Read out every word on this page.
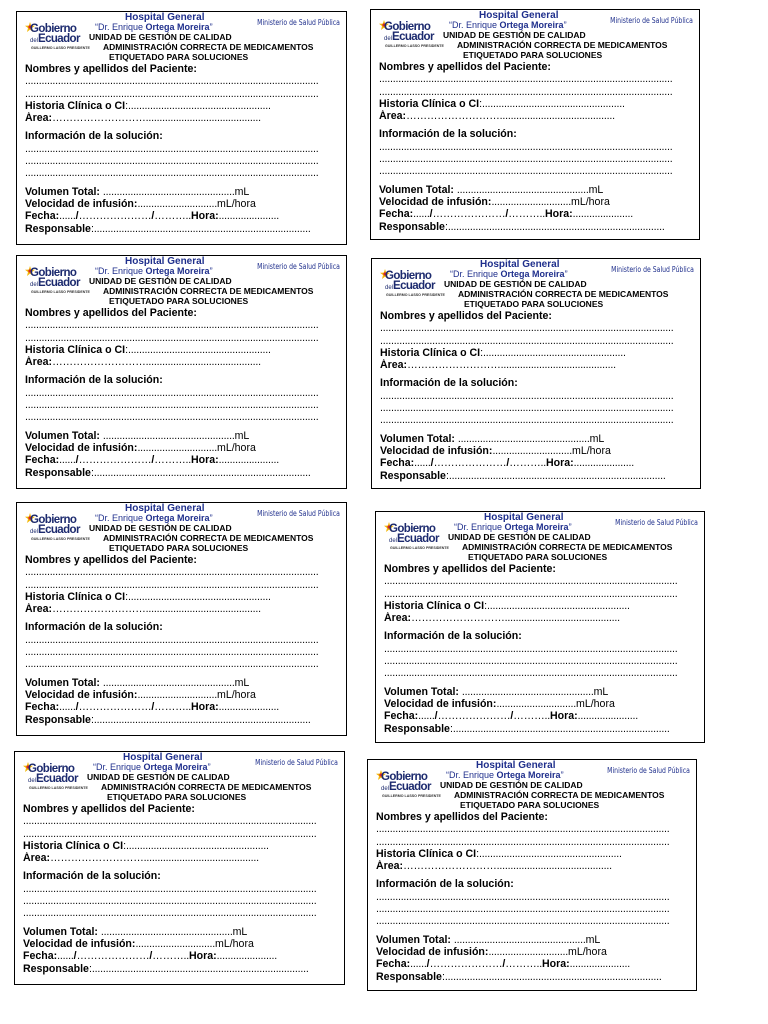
Gobierno
delEcuador
GUILLERMO LASSO PRESIDENTE
Hospital General
“Dr. Enrique Ortega Moreira”	Ministerio de Salud Pública
UNIDAD DE GESTIÓN DE CALIDAD
ADMINISTRACIÓN CORRECTA DE MEDICAMENTOS
ETIQUETADO PARA SOLUCIONES
Nombres y apellidos del Paciente:
...........................................................................................................
...........................................................................................................
Historia Clínica o CI:....................................................
Área:………………………..........................................
Información de la solución:
...........................................................................................................
...........................................................................................................
...........................................................................................................
Volumen Total: ................................................mL
Velocidad de infusión:.............................mL/hora
Fecha:....../…………………/………..Hora:......................
Responsable:...............................................................................
Gobierno
delEcuador
GUILLERMO LASSO PRESIDENTE
Hospital General
“Dr. Enrique Ortega Moreira”	Ministerio de Salud Pública
UNIDAD DE GESTIÓN DE CALIDAD
ADMINISTRACIÓN CORRECTA DE MEDICAMENTOS
ETIQUETADO PARA SOLUCIONES
Nombres y apellidos del Paciente:
...........................................................................................................
...........................................................................................................
Historia Clínica o CI:....................................................
Área:………………………..........................................
Información de la solución:
...........................................................................................................
...........................................................................................................
...........................................................................................................
Volumen Total: ................................................mL
Velocidad de infusión:.............................mL/hora
Fecha:....../…………………/………..Hora:......................
Responsable:...............................................................................
Gobierno
delEcuador
GUILLERMO LASSO PRESIDENTE
Hospital General
“Dr. Enrique Ortega Moreira”	Ministerio de Salud Pública
UNIDAD DE GESTIÓN DE CALIDAD
ADMINISTRACIÓN CORRECTA DE MEDICAMENTOS
ETIQUETADO PARA SOLUCIONES
Nombres y apellidos del Paciente:
...........................................................................................................
...........................................................................................................
Historia Clínica o CI:....................................................
Área:………………………..........................................
Información de la solución:
...........................................................................................................
...........................................................................................................
...........................................................................................................
Volumen Total: ................................................mL
Velocidad de infusión:.............................mL/hora
Fecha:....../…………………/………..Hora:......................
Responsable:...............................................................................
Gobierno
delEcuador
GUILLERMO LASSO PRESIDENTE
Hospital General
“Dr. Enrique Ortega Moreira”	Ministerio de Salud Pública
UNIDAD DE GESTIÓN DE CALIDAD
ADMINISTRACIÓN CORRECTA DE MEDICAMENTOS
ETIQUETADO PARA SOLUCIONES
Nombres y apellidos del Paciente:
...........................................................................................................
...........................................................................................................
Historia Clínica o CI:....................................................
Área:………………………..........................................
Información de la solución:
...........................................................................................................
...........................................................................................................
...........................................................................................................
Volumen Total: ................................................mL
Velocidad de infusión:.............................mL/hora
Fecha:....../…………………/………..Hora:......................
Responsable:...............................................................................
Gobierno
delEcuador
GUILLERMO LASSO PRESIDENTE
Hospital General
“Dr. Enrique Ortega Moreira”	Ministerio de Salud Pública
UNIDAD DE GESTIÓN DE CALIDAD
ADMINISTRACIÓN CORRECTA DE MEDICAMENTOS
ETIQUETADO PARA SOLUCIONES
Nombres y apellidos del Paciente:
...........................................................................................................
...........................................................................................................
Historia Clínica o CI:....................................................
Área:………………………..........................................
Información de la solución:
...........................................................................................................
...........................................................................................................
...........................................................................................................
Volumen Total: ................................................mL
Velocidad de infusión:.............................mL/hora
Fecha:....../…………………/………..Hora:......................
Responsable:...............................................................................
Gobierno
delEcuador
GUILLERMO LASSO PRESIDENTE
Hospital General
“Dr. Enrique Ortega Moreira”	Ministerio de Salud Pública
UNIDAD DE GESTIÓN DE CALIDAD
ADMINISTRACIÓN CORRECTA DE MEDICAMENTOS
ETIQUETADO PARA SOLUCIONES
Nombres y apellidos del Paciente:
...........................................................................................................
...........................................................................................................
Historia Clínica o CI:....................................................
Área:………………………..........................................
Información de la solución:
...........................................................................................................
...........................................................................................................
...........................................................................................................
Volumen Total: ................................................mL
Velocidad de infusión:.............................mL/hora
Fecha:....../…………………/………..Hora:......................
Responsable:...............................................................................
Gobierno
delEcuador
GUILLERMO LASSO PRESIDENTE
Hospital General
“Dr. Enrique Ortega Moreira”	Ministerio de Salud Pública
UNIDAD DE GESTIÓN DE CALIDAD
ADMINISTRACIÓN CORRECTA DE MEDICAMENTOS
ETIQUETADO PARA SOLUCIONES
Nombres y apellidos del Paciente:
...........................................................................................................
...........................................................................................................
Historia Clínica o CI:....................................................
Área:………………………..........................................
Información de la solución:
...........................................................................................................
...........................................................................................................
...........................................................................................................
Volumen Total: ................................................mL
Velocidad de infusión:.............................mL/hora
Fecha:....../…………………/………..Hora:......................
Responsable:...............................................................................
Gobierno
delEcuador
GUILLERMO LASSO PRESIDENTE
Hospital General
“Dr. Enrique Ortega Moreira”	Ministerio de Salud Pública
UNIDAD DE GESTIÓN DE CALIDAD
ADMINISTRACIÓN CORRECTA DE MEDICAMENTOS
ETIQUETADO PARA SOLUCIONES
Nombres y apellidos del Paciente:
...........................................................................................................
...........................................................................................................
Historia Clínica o CI:....................................................
Área:………………………..........................................
Información de la solución:
...........................................................................................................
...........................................................................................................
...........................................................................................................
Volumen Total: ................................................mL
Velocidad de infusión:.............................mL/hora
Fecha:....../…………………/………..Hora:......................
Responsable:...............................................................................
